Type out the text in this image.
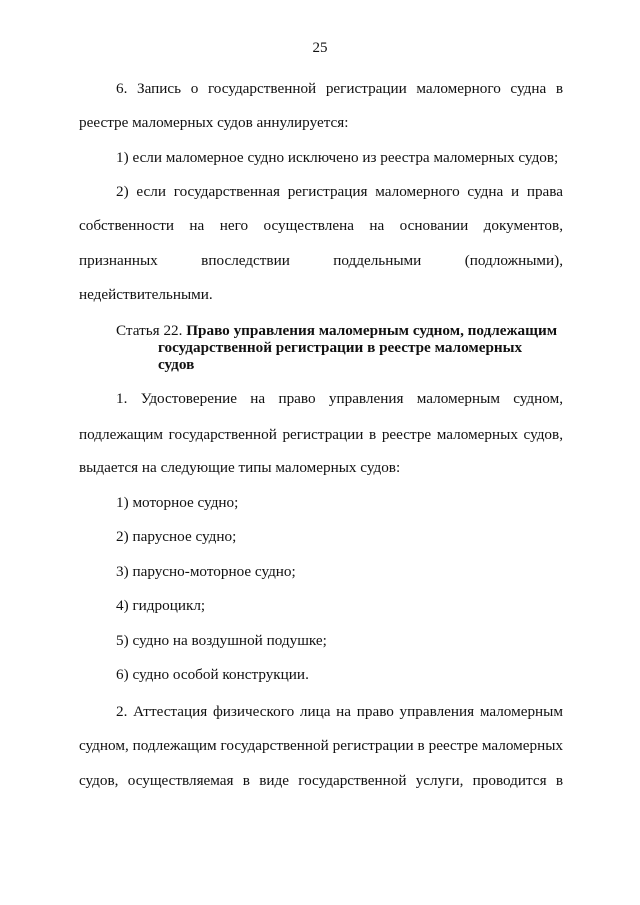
25

6. Запись о государственной регистрации маломерного судна в

реестре маломерных судов аннулируется:

1) если маломерное судно исключено из реестра маломерных судов;

2) если государственная регистрация маломерного судна и права

собственности на него осуществлена на основании документов,

признанных впоследствии поддельными (подложными),

недействительными.

Статья 22. Право управления маломерным судном, подлежащим
государственной регистрации в реестре маломерных
судов

1. Удостоверение на право управления маломерным судном,

подлежащим государственной регистрации в реестре маломерных судов,

выдается на следующие типы маломерных судов:

1) моторное судно;

2) парусное судно;

3) парусно-моторное судно;

4) гидроцикл;

5) судно на воздушной подушке;

6) судно особой конструкции.

2. Аттестация физического лица на право управления маломерным

судном, подлежащим государственной регистрации в реестре маломерных

судов, осуществляемая в виде государственной услуги, проводится в
